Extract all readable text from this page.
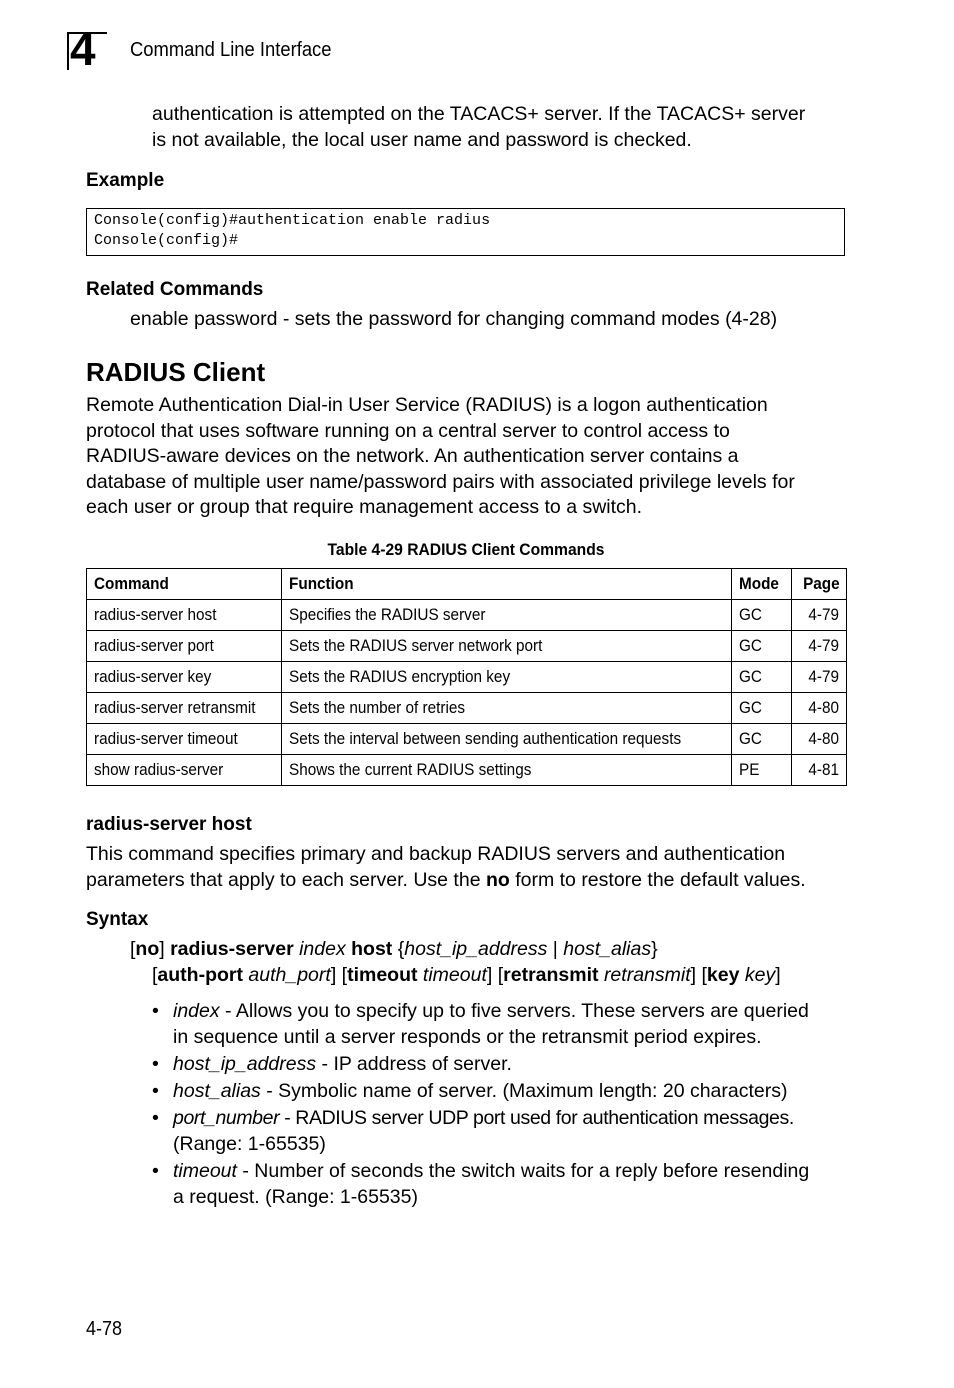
4 Command Line Interface
authentication is attempted on the TACACS+ server. If the TACACS+ server
is not available, the local user name and password is checked.
Example
Console(config)#authentication enable radius
Console(config)#
Related Commands
enable password - sets the password for changing command modes (4-28)
RADIUS Client
Remote Authentication Dial-in User Service (RADIUS) is a logon authentication
protocol that uses software running on a central server to control access to
RADIUS-aware devices on the network. An authentication server contains a
database of multiple user name/password pairs with associated privilege levels for
each user or group that require management access to a switch.
Table 4-29 RADIUS Client Commands
Command	Function	Mode	Page
radius-server host	Specifies the RADIUS server	GC	4-79
radius-server port	Sets the RADIUS server network port	GC	4-79
radius-server key	Sets the RADIUS encryption key	GC	4-79
radius-server retransmit	Sets the number of retries	GC	4-80
radius-server timeout	Sets the interval between sending authentication requests	GC	4-80
show radius-server	Shows the current RADIUS settings	PE	4-81
radius-server host
This command specifies primary and backup RADIUS servers and authentication
parameters that apply to each server. Use the no form to restore the default values.
Syntax
[no] radius-server index host {host_ip_address | host_alias}
[auth-port auth_port] [timeout timeout] [retransmit retransmit] [key key]
• index - Allows you to specify up to five servers. These servers are queried
in sequence until a server responds or the retransmit period expires.
• host_ip_address - IP address of server.
• host_alias - Symbolic name of server. (Maximum length: 20 characters)
• port_number - RADIUS server UDP port used for authentication messages.
(Range: 1-65535)
• timeout - Number of seconds the switch waits for a reply before resending
a request. (Range: 1-65535)
4-78
